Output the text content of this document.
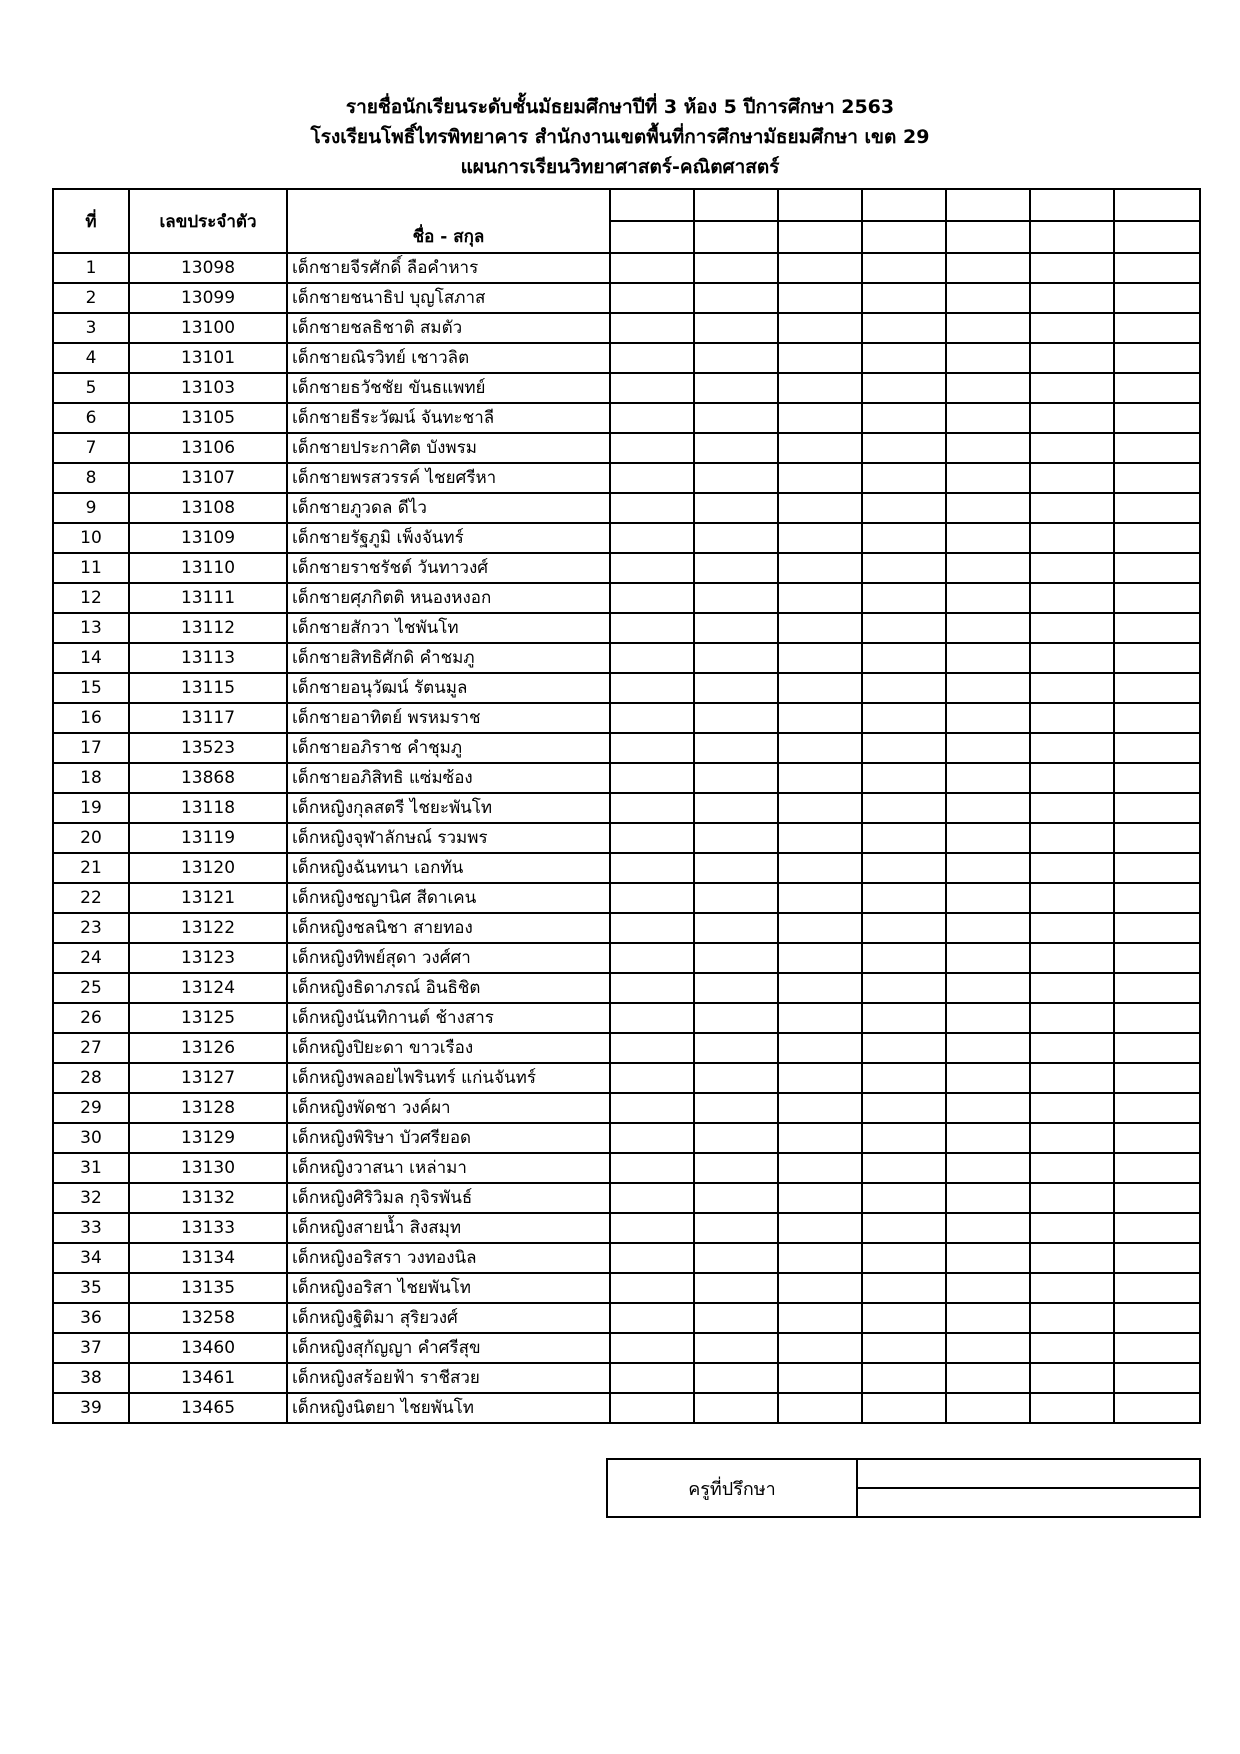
รายชื่อนักเรียนระดับชั้นมัธยมศึกษาปีที่ 3 ห้อง 5 ปีการศึกษา 2563
โรงเรียนโพธิ์ไทรพิทยาคาร สำนักงานเขตพื้นที่การศึกษามัธยมศึกษา เขต 29
แผนการเรียนวิทยาศาสตร์-คณิตศาสตร์
ที่	เลขประจำตัว	ชื่อ - สกุล							

1	13098	เด็กชายจีรศักดิ์ ลือคำหาร							
2	13099	เด็กชายชนาธิป บุญโสภาส							
3	13100	เด็กชายชลธิชาติ สมตัว							
4	13101	เด็กชายณิรวิทย์ เชาวลิต							
5	13103	เด็กชายธวัชชัย ขันธแพทย์							
6	13105	เด็กชายธีระวัฒน์ จันทะชาลี							
7	13106	เด็กชายประกาศิต บังพรม							
8	13107	เด็กชายพรสวรรค์ ไชยศรีหา							
9	13108	เด็กชายภูวดล ดีไว							
10	13109	เด็กชายรัฐภูมิ เพ็งจันทร์							
11	13110	เด็กชายราชรัชต์ วันทาวงศ์							
12	13111	เด็กชายศุภกิตติ หนองหงอก							
13	13112	เด็กชายสักวา ไชพันโท							
14	13113	เด็กชายสิทธิศักดิ คำชมภู							
15	13115	เด็กชายอนุวัฒน์ รัตนมูล							
16	13117	เด็กชายอาทิตย์ พรหมราช							
17	13523	เด็กชายอภิราช คำชุมภู							
18	13868	เด็กชายอภิสิทธิ แซ่มซ้อง							
19	13118	เด็กหญิงกุลสตรี ไชยะพันโท							
20	13119	เด็กหญิงจุฬาลักษณ์ รวมพร							
21	13120	เด็กหญิงฉันทนา เอกทัน							
22	13121	เด็กหญิงชญานิศ สีดาเคน							
23	13122	เด็กหญิงชลนิชา สายทอง							
24	13123	เด็กหญิงทิพย์สุดา วงศ์ศา							
25	13124	เด็กหญิงธิดาภรณ์ อินธิชิต							
26	13125	เด็กหญิงนันทิกานต์ ช้างสาร							
27	13126	เด็กหญิงปิยะดา ขาวเรือง							
28	13127	เด็กหญิงพลอยไพรินทร์ แก่นจันทร์							
29	13128	เด็กหญิงพัดชา วงค์ผา							
30	13129	เด็กหญิงพิริษา บัวศรียอด							
31	13130	เด็กหญิงวาสนา เหล่ามา							
32	13132	เด็กหญิงศิริวิมล กุจิรพันธ์							
33	13133	เด็กหญิงสายน้ำ สิงสมุท							
34	13134	เด็กหญิงอริสรา วงทองนิล							
35	13135	เด็กหญิงอริสา ไชยพันโท							
36	13258	เด็กหญิงฐิติมา สุริยวงศ์							
37	13460	เด็กหญิงสุกัญญา คำศรีสุข							
38	13461	เด็กหญิงสร้อยฟ้า ราชีสวย							
39	13465	เด็กหญิงนิตยา ไชยพันโท							
ครูที่ปรึกษา	
